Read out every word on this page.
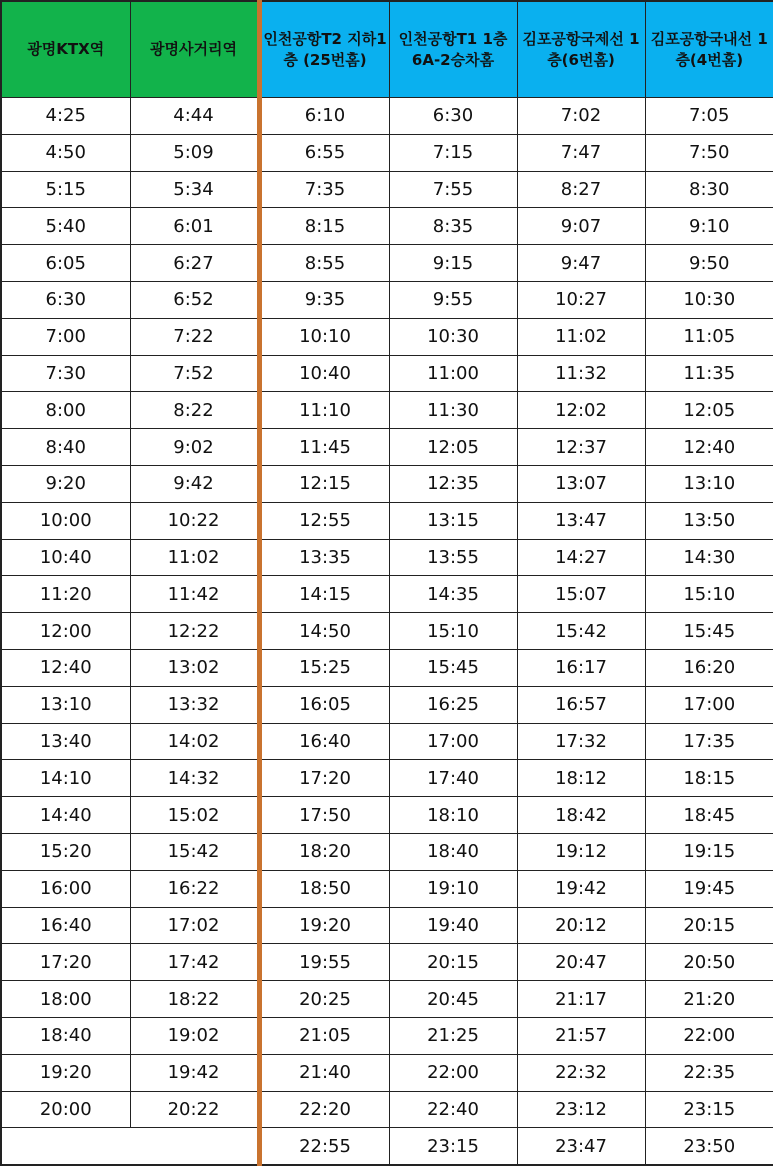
광명KTX역	광명사거리역	인천공항T2 지하1층 (25번홈)	인천공항T1 1층 6A-2승차홈	김포공항국제선 1층(6번홈)	김포공항국내선 1층(4번홈)
4:25	4:44	6:10	6:30	7:02	7:05
4:50	5:09	6:55	7:15	7:47	7:50
5:15	5:34	7:35	7:55	8:27	8:30
5:40	6:01	8:15	8:35	9:07	9:10
6:05	6:27	8:55	9:15	9:47	9:50
6:30	6:52	9:35	9:55	10:27	10:30
7:00	7:22	10:10	10:30	11:02	11:05
7:30	7:52	10:40	11:00	11:32	11:35
8:00	8:22	11:10	11:30	12:02	12:05
8:40	9:02	11:45	12:05	12:37	12:40
9:20	9:42	12:15	12:35	13:07	13:10
10:00	10:22	12:55	13:15	13:47	13:50
10:40	11:02	13:35	13:55	14:27	14:30
11:20	11:42	14:15	14:35	15:07	15:10
12:00	12:22	14:50	15:10	15:42	15:45
12:40	13:02	15:25	15:45	16:17	16:20
13:10	13:32	16:05	16:25	16:57	17:00
13:40	14:02	16:40	17:00	17:32	17:35
14:10	14:32	17:20	17:40	18:12	18:15
14:40	15:02	17:50	18:10	18:42	18:45
15:20	15:42	18:20	18:40	19:12	19:15
16:00	16:22	18:50	19:10	19:42	19:45
16:40	17:02	19:20	19:40	20:12	20:15
17:20	17:42	19:55	20:15	20:47	20:50
18:00	18:22	20:25	20:45	21:17	21:20
18:40	19:02	21:05	21:25	21:57	22:00
19:20	19:42	21:40	22:00	22:32	22:35
20:00	20:22	22:20	22:40	23:12	23:15
		22:55	23:15	23:47	23:50
